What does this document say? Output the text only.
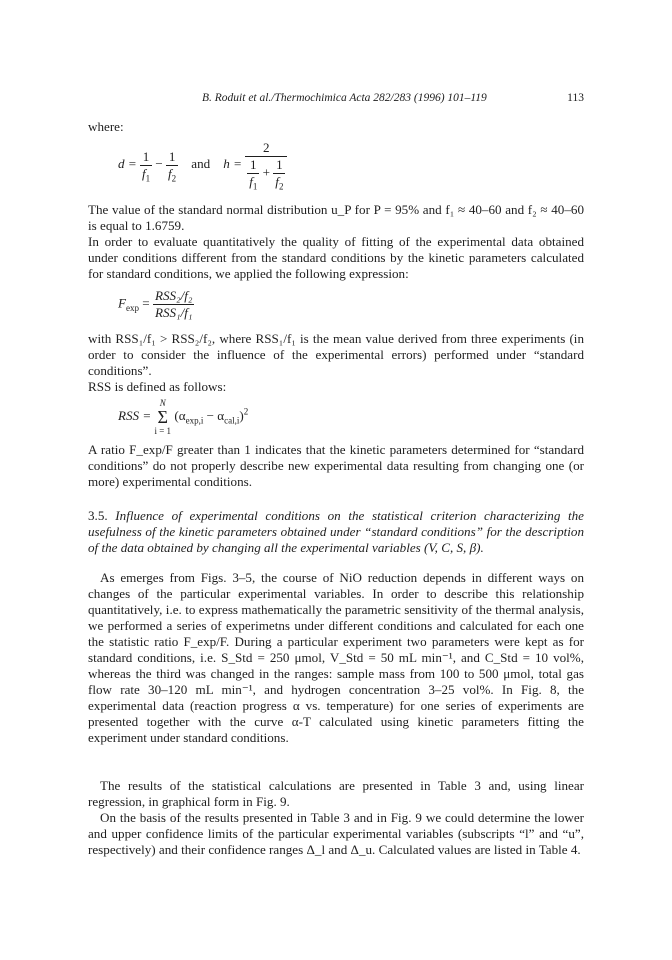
B. Roduit et al./Thermochimica Acta 282/283 (1996) 101–119	113
where:
$d = \frac{1}{f_1} - \frac{1}{f_2}$ and h =
2
$\frac{1}{f_1} + \frac{1}{f_2}$
The value of the standard normal distribution u_P for P = 95% and f₁ ≈ 40–60 and f₂ ≈ 40–60 is equal to 1.6759.
In order to evaluate quantitatively the quality of fitting of the experimental data obtained under conditions different from the standard conditions by the kinetic parameters calculated for standard conditions, we applied the following expression:
$F_{exp} = \frac{\text{RSS₂/f₂}}{\text{RSS₁/f₁}}$
with RSS₁/f₁ > RSS₂/f₂, where RSS₁/f₁ is the mean value derived from three experiments (in order to consider the influence of the experimental errors) performed under “standard conditions”.
RSS is defined as follows:
RSS = N
Σ
i = 1 $(\alpha_{exp,i} - \alpha_{cal,i})^2$
A ratio F_exp/F greater than 1 indicates that the kinetic parameters determined for “standard conditions” do not properly describe new experimental data resulting from changing one (or more) experimental conditions.
3.5. Influence of experimental conditions on the statistical criterion characterizing the usefulness of the kinetic parameters obtained under “standard conditions” for the description of the data obtained by changing all the experimental variables (V, C, S, β).
As emerges from Figs. 3–5, the course of NiO reduction depends in different ways on changes of the particular experimental variables. In order to describe this relationship quantitatively, i.e. to express mathematically the parametric sensitivity of the thermal analysis, we performed a series of experimetns under different conditions and calculated for each one the statistic ratio F_exp/F. During a particular experiment two parameters were kept as for standard conditions, i.e. S_Std = 250 μmol, V_Std = 50 mL min⁻¹, and C_Std = 10 vol%, whereas the third was changed in the ranges: sample mass from 100 to 500 μmol, total gas flow rate 30–120 mL min⁻¹, and hydrogen concentration 3–25 vol%. In Fig. 8, the experimental data (reaction progress α vs. temperature) for one series of experiments are presented together with the curve α-T calculated using kinetic parameters fitting the experiment under standard conditions.
The results of the statistical calculations are presented in Table 3 and, using linear regression, in graphical form in Fig. 9.
On the basis of the results presented in Table 3 and in Fig. 9 we could determine the lower and upper confidence limits of the particular experimental variables (subscripts “l” and “u”, respectively) and their confidence ranges Δ_l and Δ_u. Calculated values are listed in Table 4.
